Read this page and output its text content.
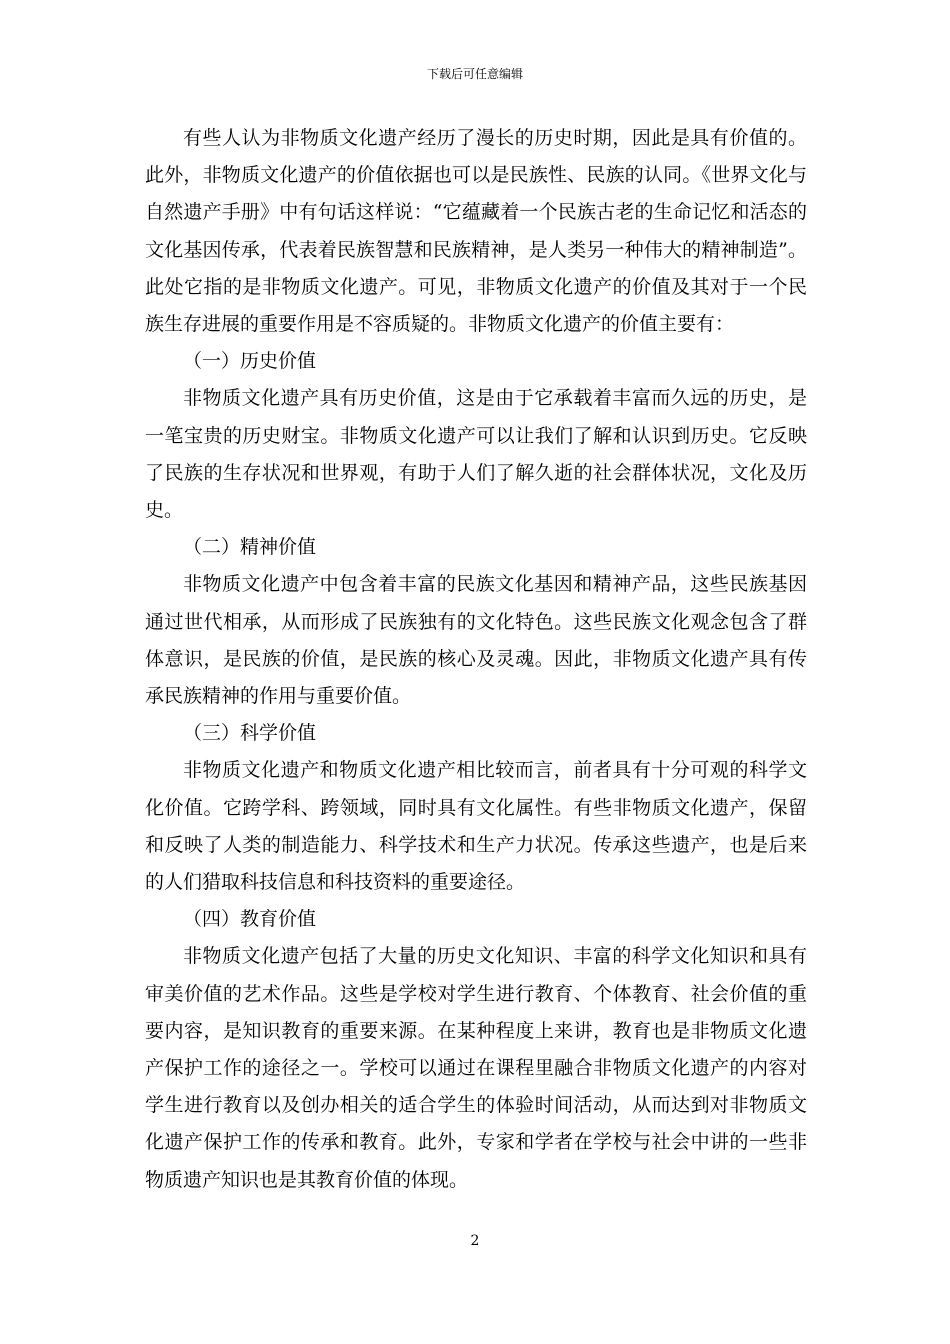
下载后可任意编辑

有些人认为非物质文化遗产经历了漫长的历史时期，因此是具有价值的。此外，非物质文化遗产的价值依据也可以是民族性、民族的认同。《世界文化与自然遗产手册》中有句话这样说：“它蕴藏着一个民族古老的生命记忆和活态的文化基因传承，代表着民族智慧和民族精神，是人类另一种伟大的精神制造”。此处它指的是非物质文化遗产。可见，非物质文化遗产的价值及其对于一个民族生存进展的重要作用是不容质疑的。非物质文化遗产的价值主要有：

（一）历史价值

非物质文化遗产具有历史价值，这是由于它承载着丰富而久远的历史，是一笔宝贵的历史财宝。非物质文化遗产可以让我们了解和认识到历史。它反映了民族的生存状况和世界观，有助于人们了解久逝的社会群体状况，文化及历史。

（二）精神价值

非物质文化遗产中包含着丰富的民族文化基因和精神产品，这些民族基因通过世代相承，从而形成了民族独有的文化特色。这些民族文化观念包含了群体意识，是民族的价值，是民族的核心及灵魂。因此，非物质文化遗产具有传承民族精神的作用与重要价值。

（三）科学价值

非物质文化遗产和物质文化遗产相比较而言，前者具有十分可观的科学文化价值。它跨学科、跨领域，同时具有文化属性。有些非物质文化遗产，保留和反映了人类的制造能力、科学技术和生产力状况。传承这些遗产，也是后来的人们猎取科技信息和科技资料的重要途径。

（四）教育价值

非物质文化遗产包括了大量的历史文化知识、丰富的科学文化知识和具有审美价值的艺术作品。这些是学校对学生进行教育、个体教育、社会价值的重要内容，是知识教育的重要来源。在某种程度上来讲，教育也是非物质文化遗产保护工作的途径之一。学校可以通过在课程里融合非物质文化遗产的内容对学生进行教育以及创办相关的适合学生的体验时间活动，从而达到对非物质文化遗产保护工作的传承和教育。此外，专家和学者在学校与社会中讲的一些非物质遗产知识也是其教育价值的体现。

2
